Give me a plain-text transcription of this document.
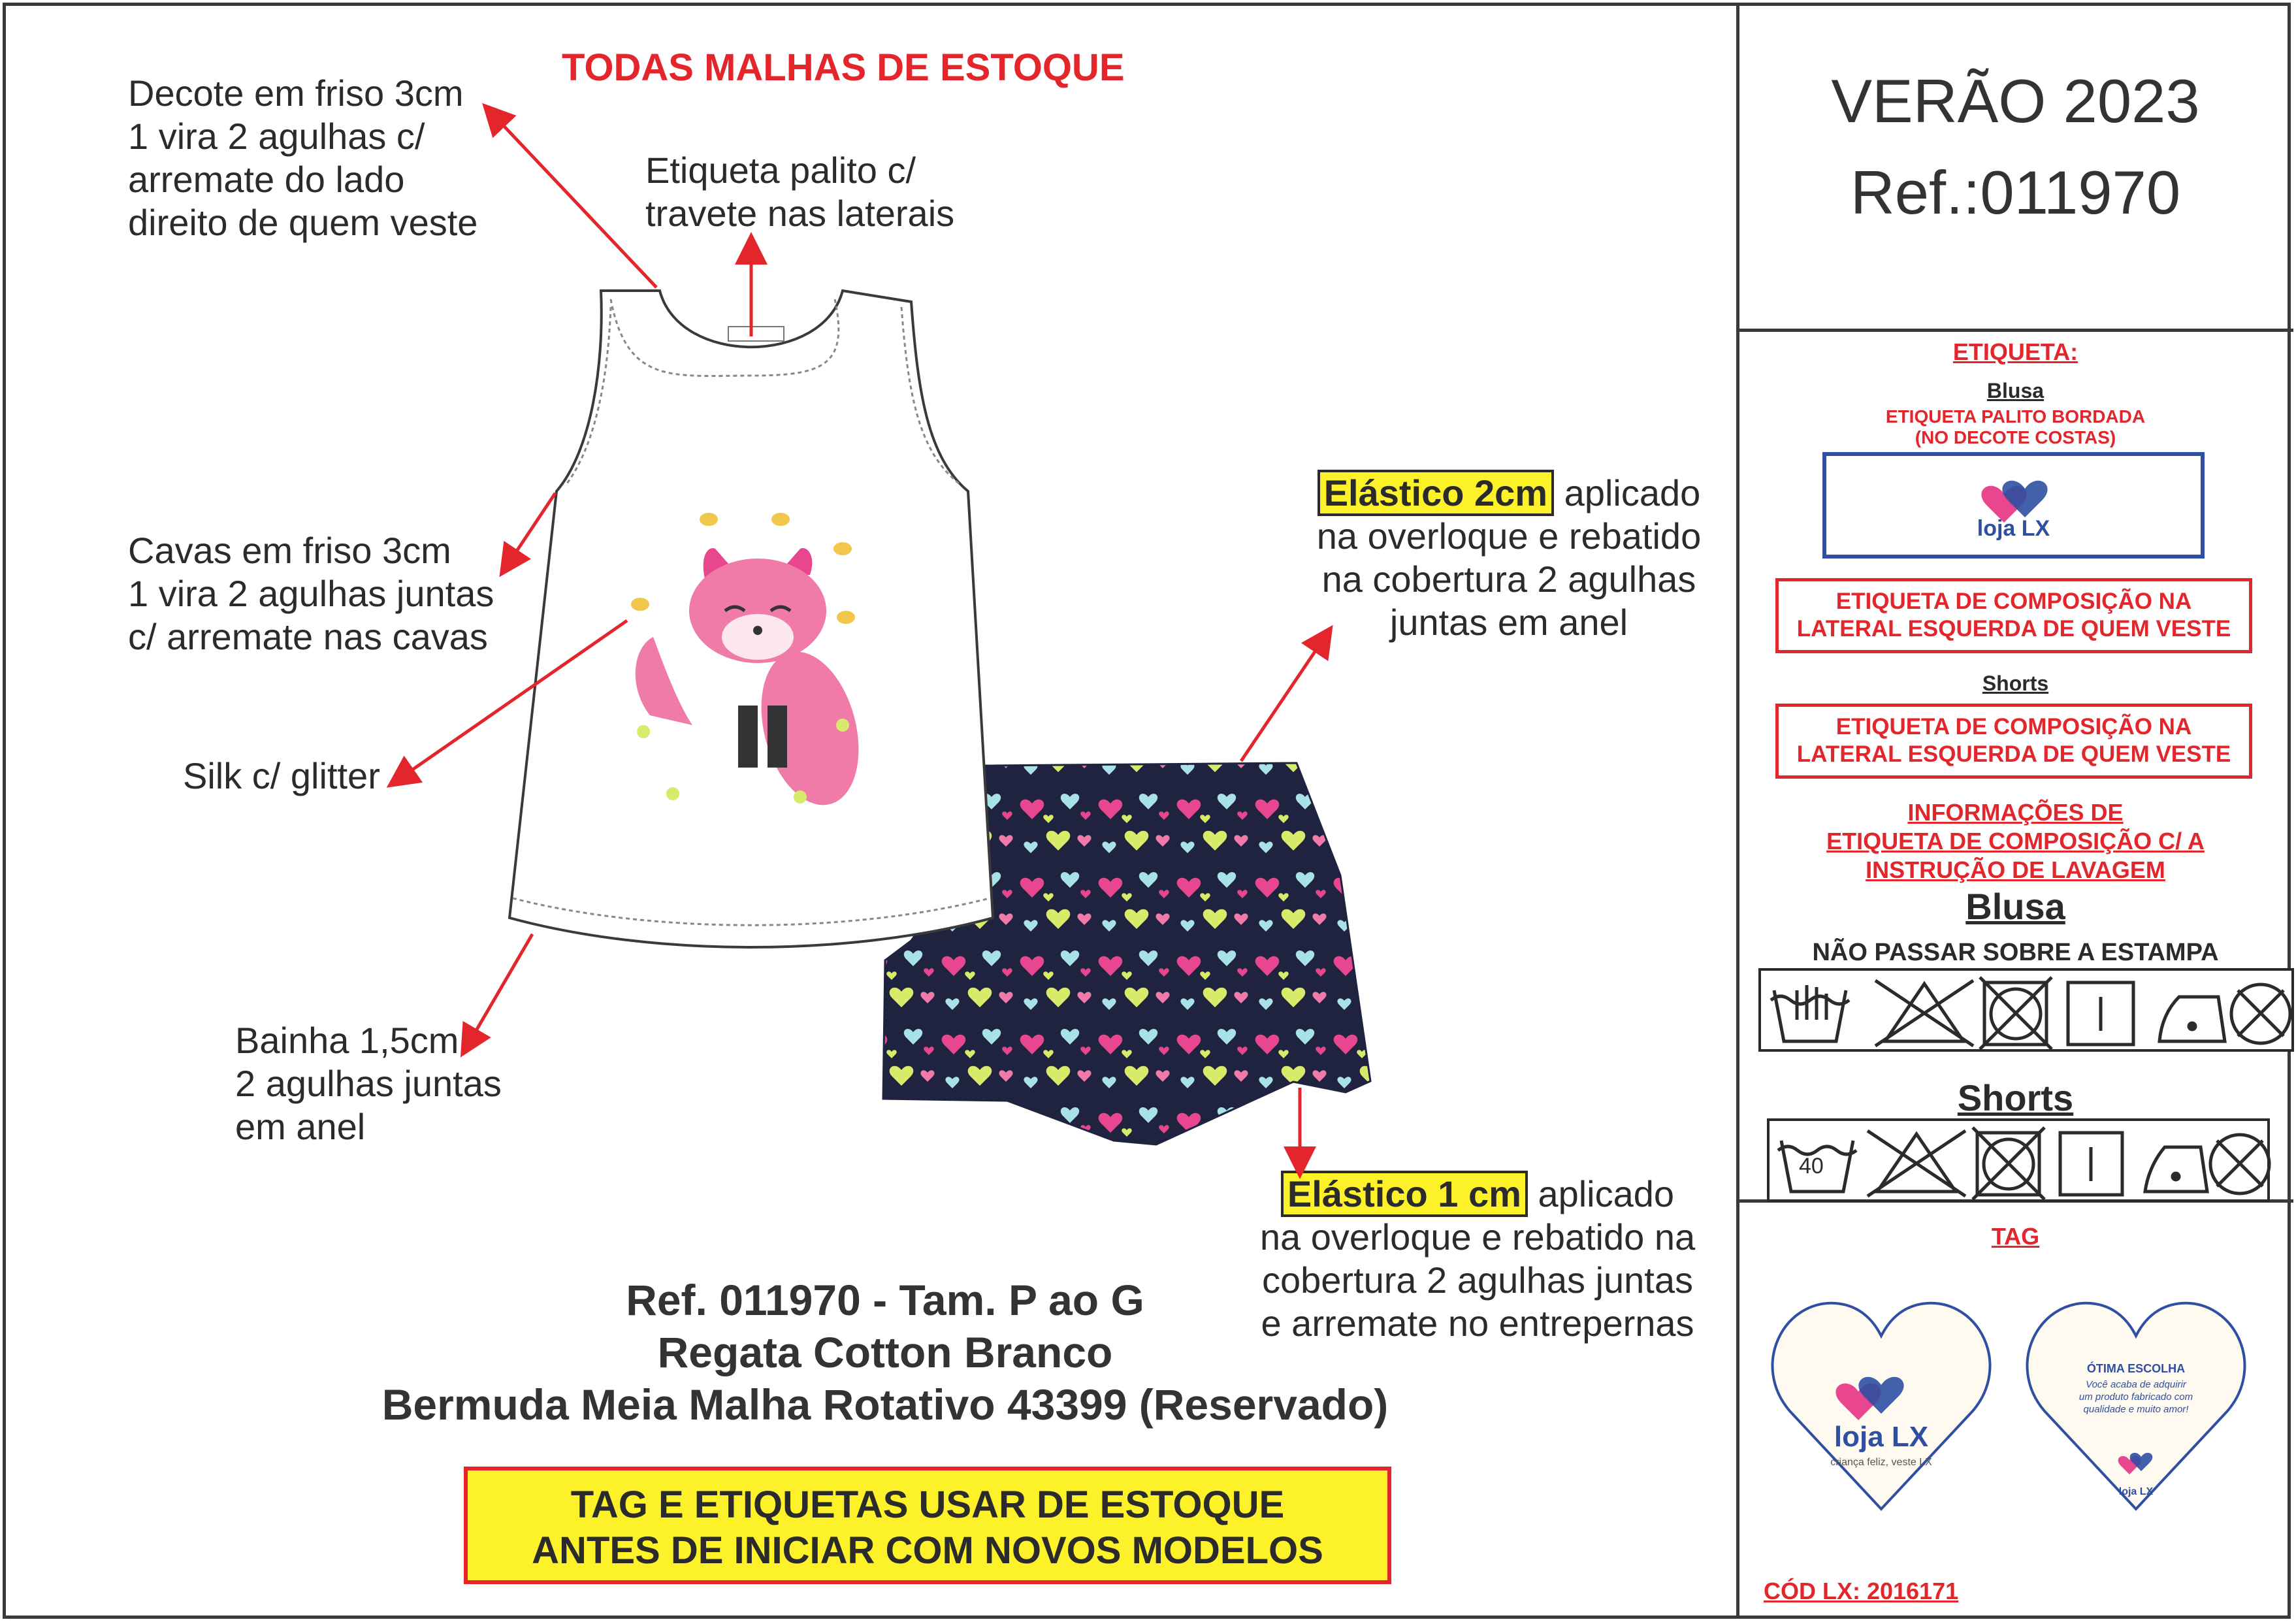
TODAS MALHAS DE ESTOQUE
Decote em friso 3cm
1 vira 2 agulhas c/
arremate do lado
direito de quem veste
Etiqueta palito c/
travete nas laterais
Cavas em friso 3cm
1 vira 2 agulhas juntas
c/ arremate nas cavas
Silk c/ glitter
Bainha 1,5cm
2 agulhas juntas
em anel
Elástico 2cm aplicado
na overloque e rebatido
na cobertura 2 agulhas
juntas em anel
Elástico 1 cm aplicado
na overloque e rebatido na
cobertura 2 agulhas juntas
e arremate no entrepernas
Ref. 011970 - Tam. P ao G
Regata Cotton Branco
Bermuda Meia Malha Rotativo 43399 (Reservado)
TAG E ETIQUETAS USAR DE ESTOQUE
ANTES DE INICIAR COM NOVOS MODELOS
VERÃO 2023
Ref.:011970
ETIQUETA:
Blusa
ETIQUETA PALITO BORDADA
(NO DECOTE COSTAS)
loja LX
ETIQUETA DE COMPOSIÇÃO NA
LATERAL ESQUERDA DE QUEM VESTE
Shorts
ETIQUETA DE COMPOSIÇÃO NA
LATERAL ESQUERDA DE QUEM VESTE
INFORMAÇÕES DE
ETIQUETA DE COMPOSIÇÃO C/ A
INSTRUÇÃO DE LAVAGEM
Blusa
NÃO PASSAR SOBRE A ESTAMPA
Shorts
40
TAG
loja LX
criança feliz, veste LX
ÓTIMA ESCOLHA
Você acaba de adquirir
um produto fabricado com
qualidade e muito amor!
loja LX
CÓD LX: 2016171
